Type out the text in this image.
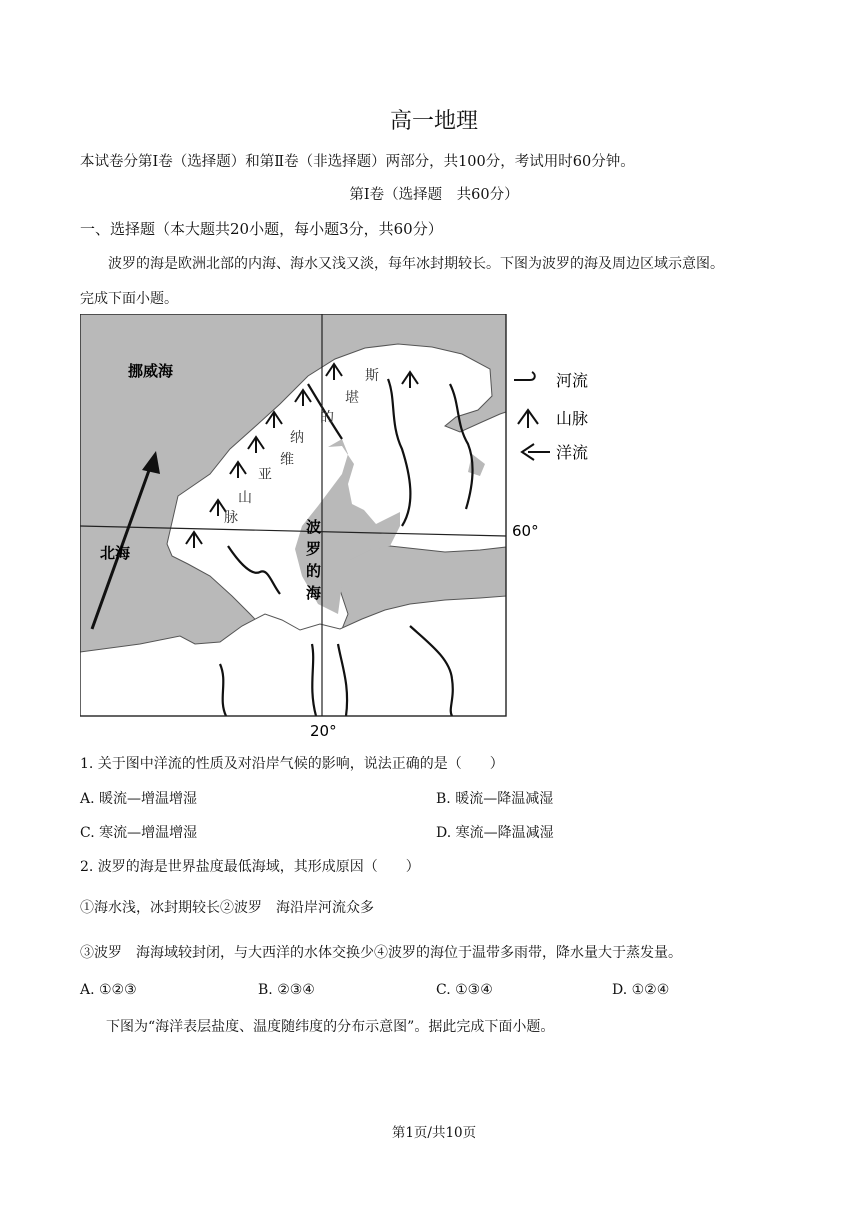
高一地理
本试卷分第Ⅰ卷（选择题）和第Ⅱ卷（非选择题）两部分，共100分，考试用时60分钟。
第Ⅰ卷（选择题　共60分）
一、选择题（本大题共20小题，每小题3分，共60分）
波罗的海是欧洲北部的内海、海水又浅又淡，每年冰封期较长。下图为波罗的海及周边区域示意图。
完成下面小题。
挪威海
北海
波
罗
的
海
斯
堪
的
纳
维
亚
山
脉
60°
20°
河流
山脉
洋流
1. 关于图中洋流的性质及对沿岸气候的影响，说法正确的是（　　）
A. 暖流—增温增湿	B. 暖流—降温减湿
C. 寒流—增温增湿	D. 寒流—降温减湿
2. 波罗的海是世界盐度最低海域，其形成原因（　　）
①海水浅，冰封期较长②波罗　海沿岸河流众多
③波罗　海海域较封闭，与大西洋的水体交换少④波罗的海位于温带多雨带，降水量大于蒸发量。
A. ①②③	B. ②③④	C. ①③④	D. ①②④
下图为“海洋表层盐度、温度随纬度的分布示意图”。据此完成下面小题。
第1页/共10页
